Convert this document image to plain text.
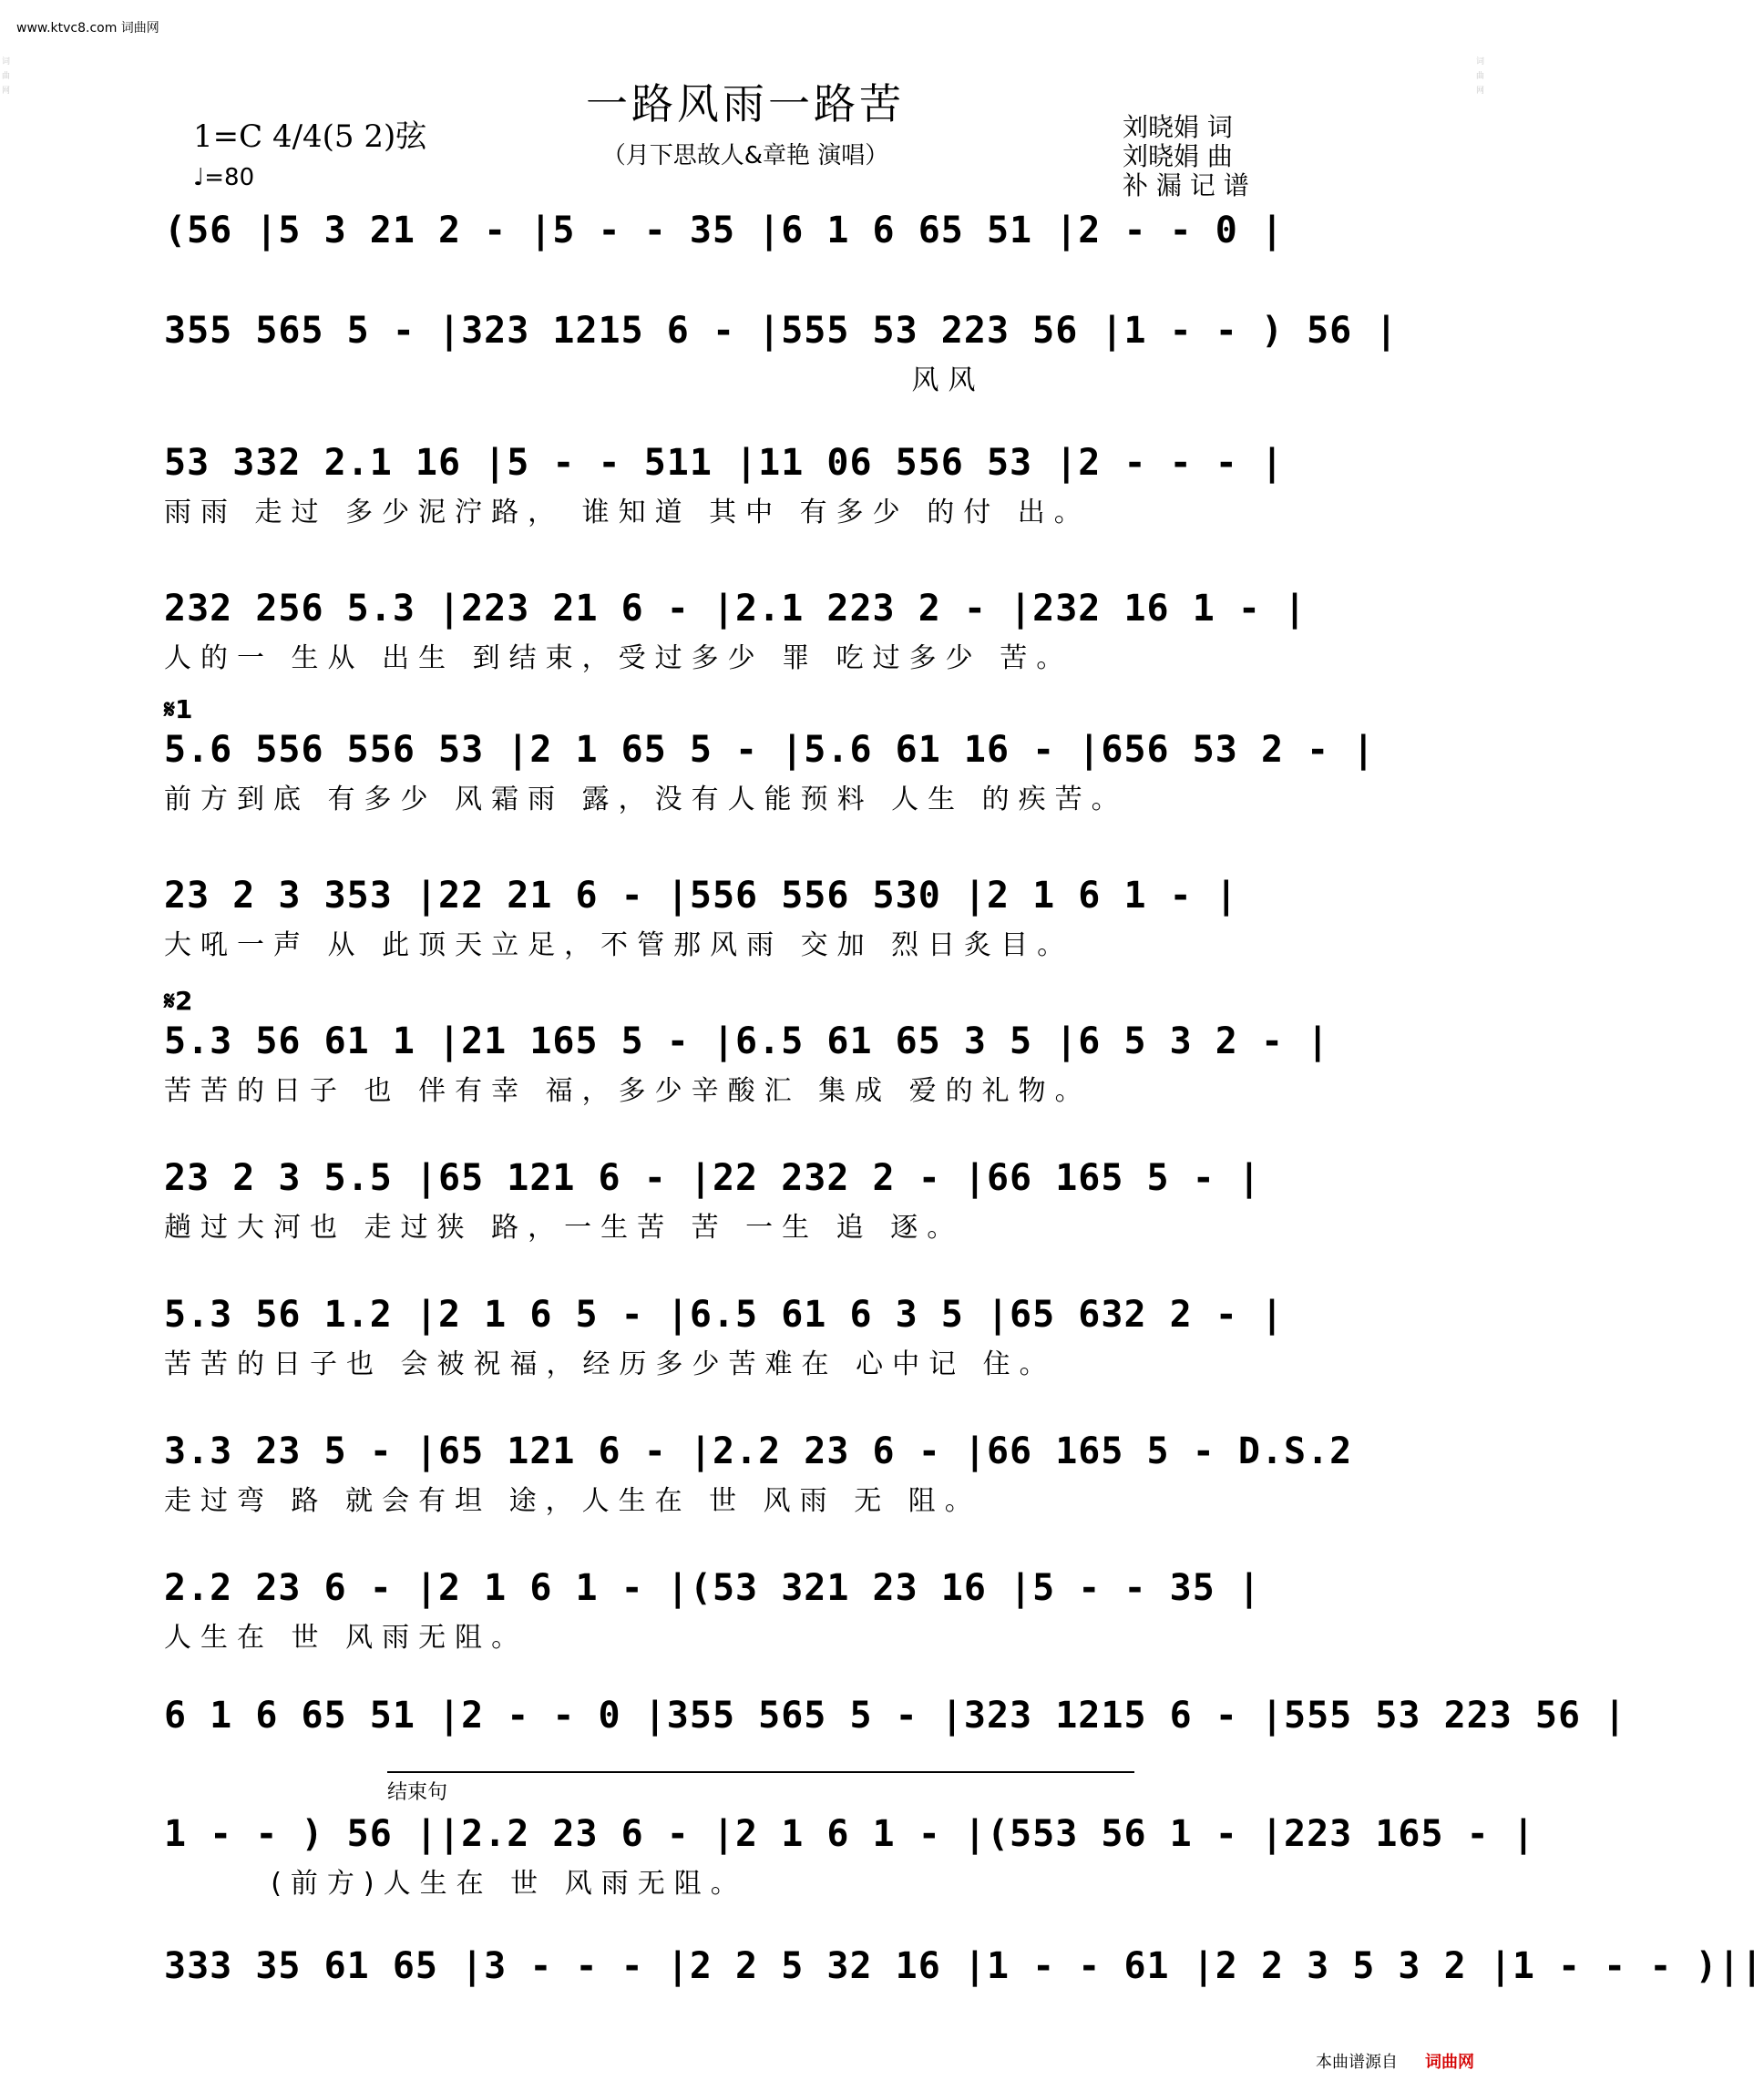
www.ktvc8.com 词曲网
词曲网
词曲网
一路风雨一路苦
（月下思故人&章艳 演唱）
1=C 4/4(5 2)弦
♩=80
刘晓娟 词
刘晓娟 曲
补 漏 记 谱
𝄋1
𝄋2
(56 |5 3 21 2 - |5 - - 35 |6 1 6 65 51 |2 - - 0 |
355 565 5 - |323 1215 6 - |555 53 223 56 |1 - - ) 56 |
风风
53 332 2.1 16 |5 - - 511 |11 06 556 53 |2 - - - |
雨雨 走过 多少泥泞路， 谁知道 其中 有多少 的付 出。
232 256 5.3 |223 21 6 - |2.1 223 2 - |232 16 1 - |
人的一 生从 出生 到结束，受过多少 罪 吃过多少 苦。
5.6 556 556 53 |2 1 65 5 - |5.6 61 16 - |656 53 2 - |
前方到底 有多少 风霜雨 露，没有人能预料 人生 的疾苦。
23 2 3 353 |22 21 6 - |556 556 530 |2 1 6 1 - |
大吼一声 从 此顶天立足，不管那风雨 交加 烈日炙目。
5.3 56 61 1 |21 165 5 - |6.5 61 65 3 5 |6 5 3 2 - |
苦苦的日子 也 伴有幸 福，多少辛酸汇 集成 爱的礼物。
23 2 3 5.5 |65 121 6 - |22 232 2 - |66 165 5 - |
趟过大河也 走过狭 路，一生苦 苦 一生 追 逐。
5.3 56 1.2 |2 1 6 5 - |6.5 61 6 3 5 |65 632 2 - |
苦苦的日子也 会被祝福，经历多少苦难在 心中记 住。
3.3 23 5 - |65 121 6 - |2.2 23 6 - |66 165 5 - D.S.2
走过弯 路 就会有坦 途，人生在 世 风雨 无 阻。
2.2 23 6 - |2 1 6 1 - |(53 321 23 16 |5 - - 35 |
人生在 世 风雨无阻。
6 1 6 65 51 |2 - - 0 |355 565 5 - |323 1215 6 - |555 53 223 56 |
1 - - ) 56 ||2.2 23 6 - |2 1 6 1 - |(553 56 1 - |223 165 - |
(前方)人生在 世 风雨无阻。
333 35 61 65 |3 - - - |2 2 5 32 16 |1 - - 61 |2 2 3 5 3 2 |1 - - - )||
结束句
本曲谱源自 词曲网
